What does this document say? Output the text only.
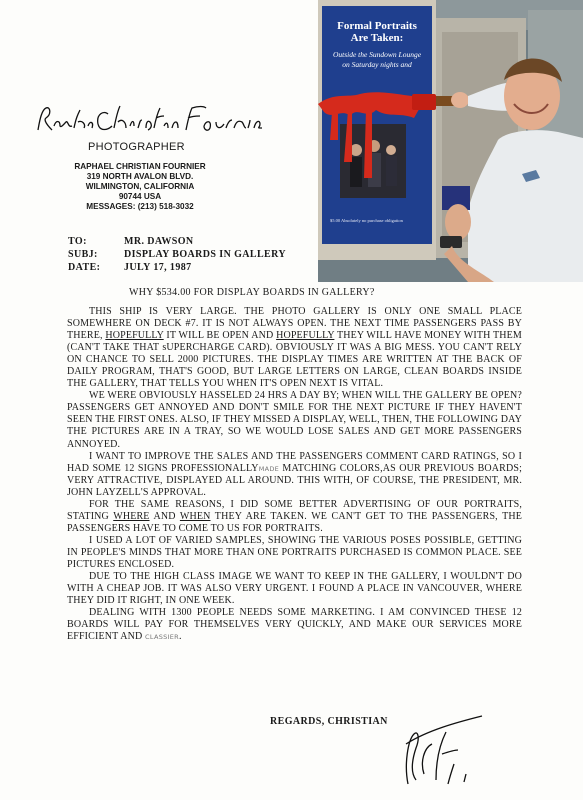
PHOTOGRAPHER
RAPHAEL CHRISTIAN FOURNIER
319 NORTH AVALON BLVD.
WILMINGTON, CALIFORNIA
90744 USA
MESSAGES: (213) 518-3032
Formal Portraits
Are Taken:
Outside the Sundown Lounge
on Saturday nights and
$5.00 Absolutely no purchase obligation
TO:	MR. DAWSON
SUBJ:	DISPLAY BOARDS IN GALLERY
DATE:	JULY 17, 1987
WHY $534.00 FOR DISPLAY BOARDS IN GALLERY?

THIS SHIP IS VERY LARGE. THE PHOTO GALLERY IS ONLY ONE SMALL PLACE SOMEWHERE ON DECK #7. IT IS NOT ALWAYS OPEN. THE NEXT TIME PASSENGERS PASS BY THERE, HOPEFULLY IT WILL BE OPEN AND HOPEFULLY THEY WILL HAVE MONEY WITH THEM (CAN'T TAKE THAT sUPERCHARGE CARD). OBVIOUSLY IT WAS A BIG MESS. YOU CAN'T RELY ON CHANCE TO SELL 2000 PICTURES. THE DISPLAY TIMES ARE WRITTEN AT THE BACK OF DAILY PROGRAM, THAT'S GOOD, BUT LARGE LETTERS ON LARGE, CLEAN BOARDS INSIDE THE GALLERY, THAT TELLS YOU WHEN IT'S OPEN NEXT IS VITAL.

WE WERE OBVIOUSLY HASSELED 24 HRS A DAY BY; WHEN WILL THE GALLERY BE OPEN? PASSENGERS GET ANNOYED AND DON'T SMILE FOR THE NEXT PICTURE IF THEY HAVEN'T SEEN THE FIRST ONES. ALSO, IF THEY MISSED A DISPLAY, WELL, THEN, THE FOLLOWING DAY THE PICTURES ARE IN A TRAY, SO WE WOULD LOSE SALES AND GET MORE PASSENGERS ANNOYED.

I WANT TO IMPROVE THE SALES AND THE PASSENGERS COMMENT CARD RATINGS, SO I HAD SOME 12 SIGNS PROFESSIONALLYMADE MATCHING COLORS,AS OUR PREVIOUS BOARDS; VERY ATTRACTIVE, DISPLAYED ALL AROUND. THIS WITH, OF COURSE, THE PRESIDENT, MR. JOHN LAYZELL'S APPROVAL.

FOR THE SAME REASONS, I DID SOME BETTER ADVERTISING OF OUR PORTRAITS, STATING WHERE AND WHEN THEY ARE TAKEN. WE CAN'T GET TO THE PASSENGERS, THE PASSENGERS HAVE TO COME TO US FOR PORTRAITS.

I USED A LOT OF VARIED SAMPLES, SHOWING THE VARIOUS POSES POSSIBLE, GETTING IN PEOPLE'S MINDS THAT MORE THAN ONE PORTRAITS PURCHASED IS COMMON PLACE. SEE PICTURES ENCLOSED.

DUE TO THE HIGH CLASS IMAGE WE WANT TO KEEP IN THE GALLERY, I WOULDN'T DO WITH A CHEAP JOB. IT WAS ALSO VERY URGENT. I FOUND A PLACE IN VANCOUVER, WHERE THEY DID IT RIGHT, IN ONE WEEK.

DEALING WITH 1300 PEOPLE NEEDS SOME MARKETING. I AM CONVINCED THESE 12 BOARDS WILL PAY FOR THEMSELVES VERY QUICKLY, AND MAKE OUR SERVICES MORE EFFICIENT AND CLASSIER.

REGARDS, CHRISTIAN
